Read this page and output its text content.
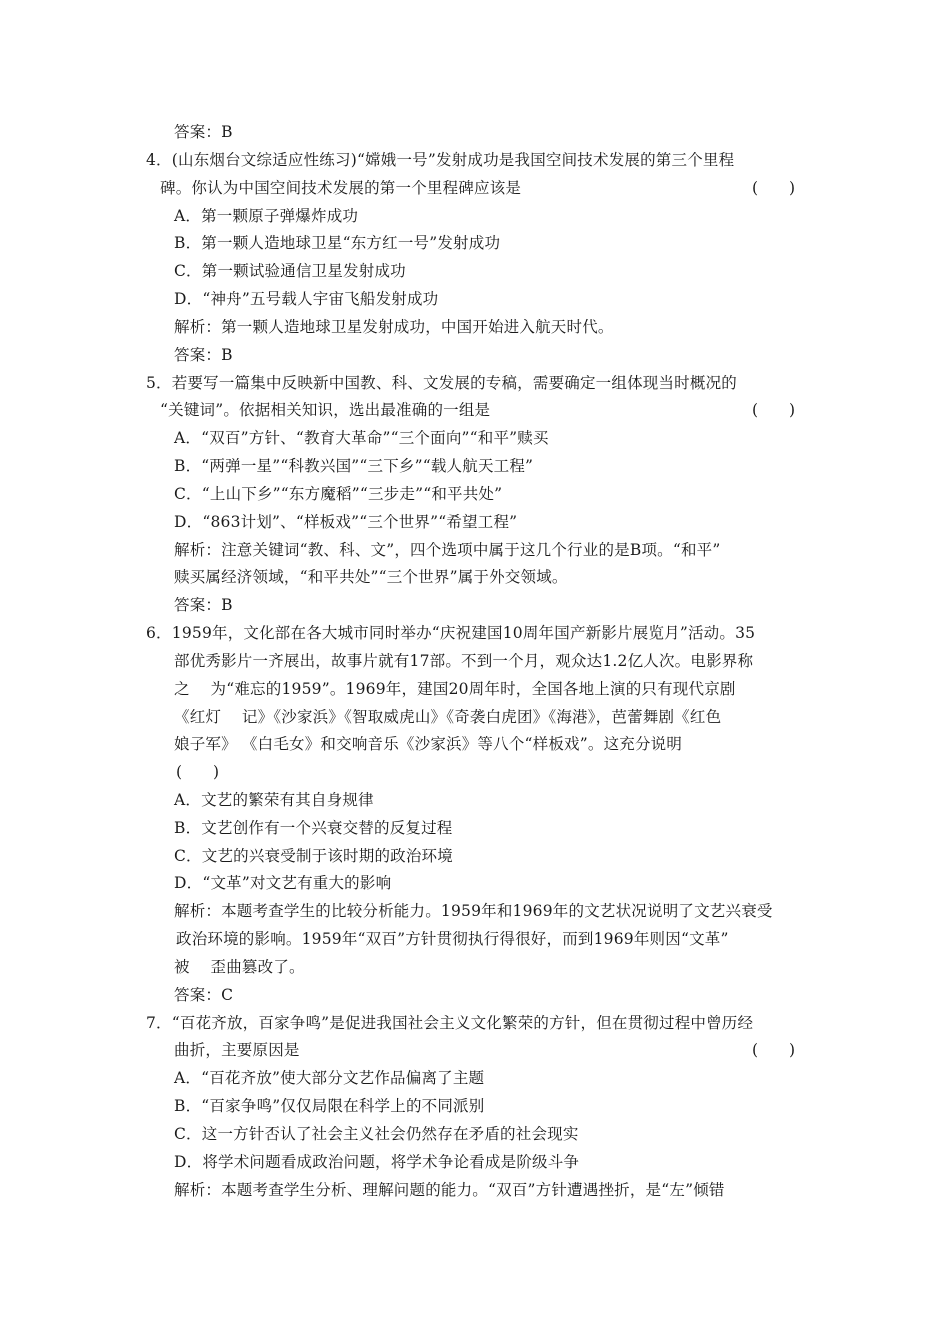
答案：B
4．(山东烟台文综适应性练习)“嫦娥一号”发射成功是我国空间技术发展的第三个里程
碑。你认为中国空间技术发展的第一个里程碑应该是	(　　)
A．第一颗原子弹爆炸成功
B．第一颗人造地球卫星“东方红一号”发射成功
C．第一颗试验通信卫星发射成功
D．“神舟”五号载人宇宙飞船发射成功
解析：第一颗人造地球卫星发射成功，中国开始进入航天时代。
答案：B
5．若要写一篇集中反映新中国教、科、文发展的专稿，需要确定一组体现当时概况的
“关键词”。依据相关知识，选出最准确的一组是	(　　)
A．“双百”方针、“教育大革命”“三个面向”“和平”赎买
B．“两弹一星”“科教兴国”“三下乡”“载人航天工程”
C．“上山下乡”“东方魔稻”“三步走”“和平共处”
D．“863计划”、“样板戏”“三个世界”“希望工程”
解析：注意关键词“教、科、文”，四个选项中属于这几个行业的是B项。“和平”
赎买属经济领域，“和平共处”“三个世界”属于外交领域。
答案：B
6．1959年，文化部在各大城市同时举办“庆祝建国10周年国产新影片展览月”活动。35
部优秀影片一齐展出，故事片就有17部。不到一个月，观众达1.2亿人次。电影界称
之　 为“难忘的1959”。1969年，建国20周年时，全国各地上演的只有现代京剧
《红灯　 记》《沙家浜》《智取威虎山》《奇袭白虎团》《海港》，芭蕾舞剧《红色
娘子军》 《白毛女》和交响音乐《沙家浜》等八个“样板戏”。这充分说明
(　　)
A．文艺的繁荣有其自身规律
B．文艺创作有一个兴衰交替的反复过程
C．文艺的兴衰受制于该时期的政治环境
D．“文革”对文艺有重大的影响
解析：本题考查学生的比较分析能力。1959年和1969年的文艺状况说明了文艺兴衰受
政治环境的影响。1959年“双百”方针贯彻执行得很好，而到1969年则因“文革”
被　 歪曲篡改了。
答案：C
7．“百花齐放，百家争鸣”是促进我国社会主义文化繁荣的方针，但在贯彻过程中曾历经
曲折，主要原因是	(　　)
A．“百花齐放”使大部分文艺作品偏离了主题
B．“百家争鸣”仅仅局限在科学上的不同派别
C．这一方针否认了社会主义社会仍然存在矛盾的社会现实
D．将学术问题看成政治问题，将学术争论看成是阶级斗争
解析：本题考查学生分析、理解问题的能力。“双百”方针遭遇挫折，是“左”倾错
